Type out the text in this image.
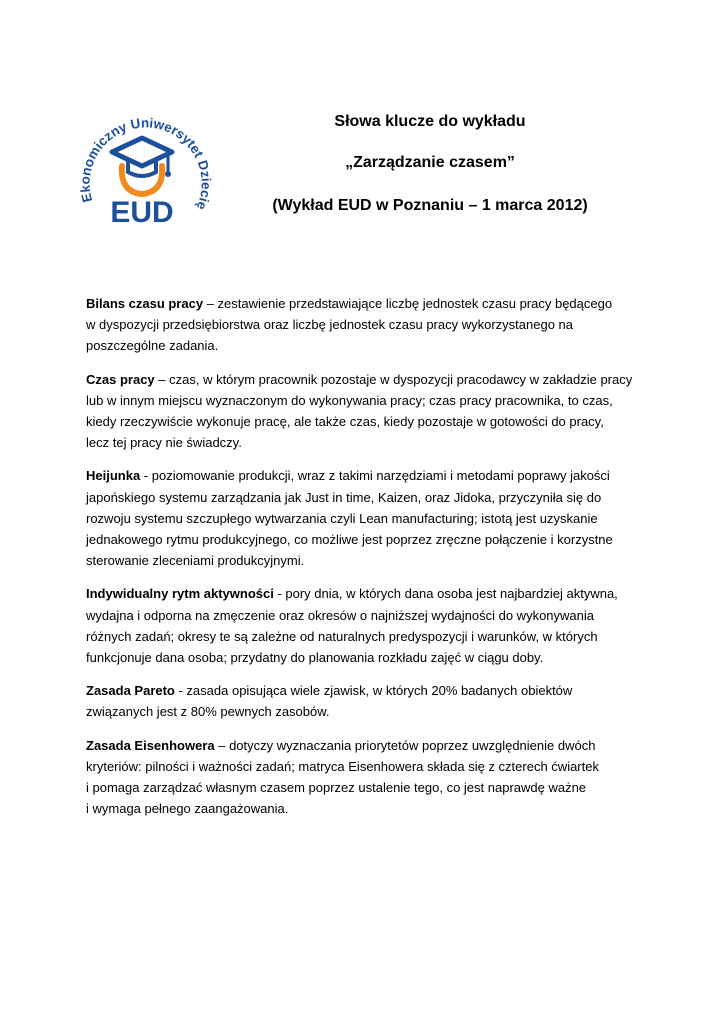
Ekonomiczny Uniwersytet Dziecię
EUD

Słowa klucze do wykładu

„Zarządzanie czasem”

(Wykład EUD w Poznaniu – 1 marca 2012)

Bilans czasu pracy – zestawienie przedstawiające liczbę jednostek czasu pracy będącego
w dyspozycji przedsiębiorstwa oraz liczbę jednostek czasu pracy wykorzystanego na
poszczególne zadania.

Czas pracy – czas, w którym pracownik pozostaje w dyspozycji pracodawcy w zakładzie pracy
lub w innym miejscu wyznaczonym do wykonywania pracy; czas pracy pracownika, to czas,
kiedy rzeczywiście wykonuje pracę, ale także czas, kiedy pozostaje w gotowości do pracy,
lecz tej pracy nie świadczy.

Heijunka - poziomowanie produkcji, wraz z takimi narzędziami i metodami poprawy jakości
japońskiego systemu zarządzania jak Just in time, Kaizen, oraz Jidoka, przyczyniła się do
rozwoju systemu szczupłego wytwarzania czyli Lean manufacturing; istotą jest uzyskanie
jednakowego rytmu produkcyjnego, co możliwe jest poprzez zręczne połączenie i korzystne
sterowanie zleceniami produkcyjnymi.

Indywidualny rytm aktywności - pory dnia, w których dana osoba jest najbardziej aktywna,
wydajna i odporna na zmęczenie oraz okresów o najniższej wydajności do wykonywania
różnych zadań; okresy te są zależne od naturalnych predyspozycji i warunków, w których
funkcjonuje dana osoba; przydatny do planowania rozkładu zajęć w ciągu doby.

Zasada Pareto - zasada opisująca wiele zjawisk, w których 20% badanych obiektów
związanych jest z 80% pewnych zasobów.

Zasada Eisenhowera – dotyczy wyznaczania priorytetów poprzez uwzględnienie dwóch
kryteriów: pilności i ważności zadań; matryca Eisenhowera składa się z czterech ćwiartek
i pomaga zarządzać własnym czasem poprzez ustalenie tego, co jest naprawdę ważne
i wymaga pełnego zaangażowania.
